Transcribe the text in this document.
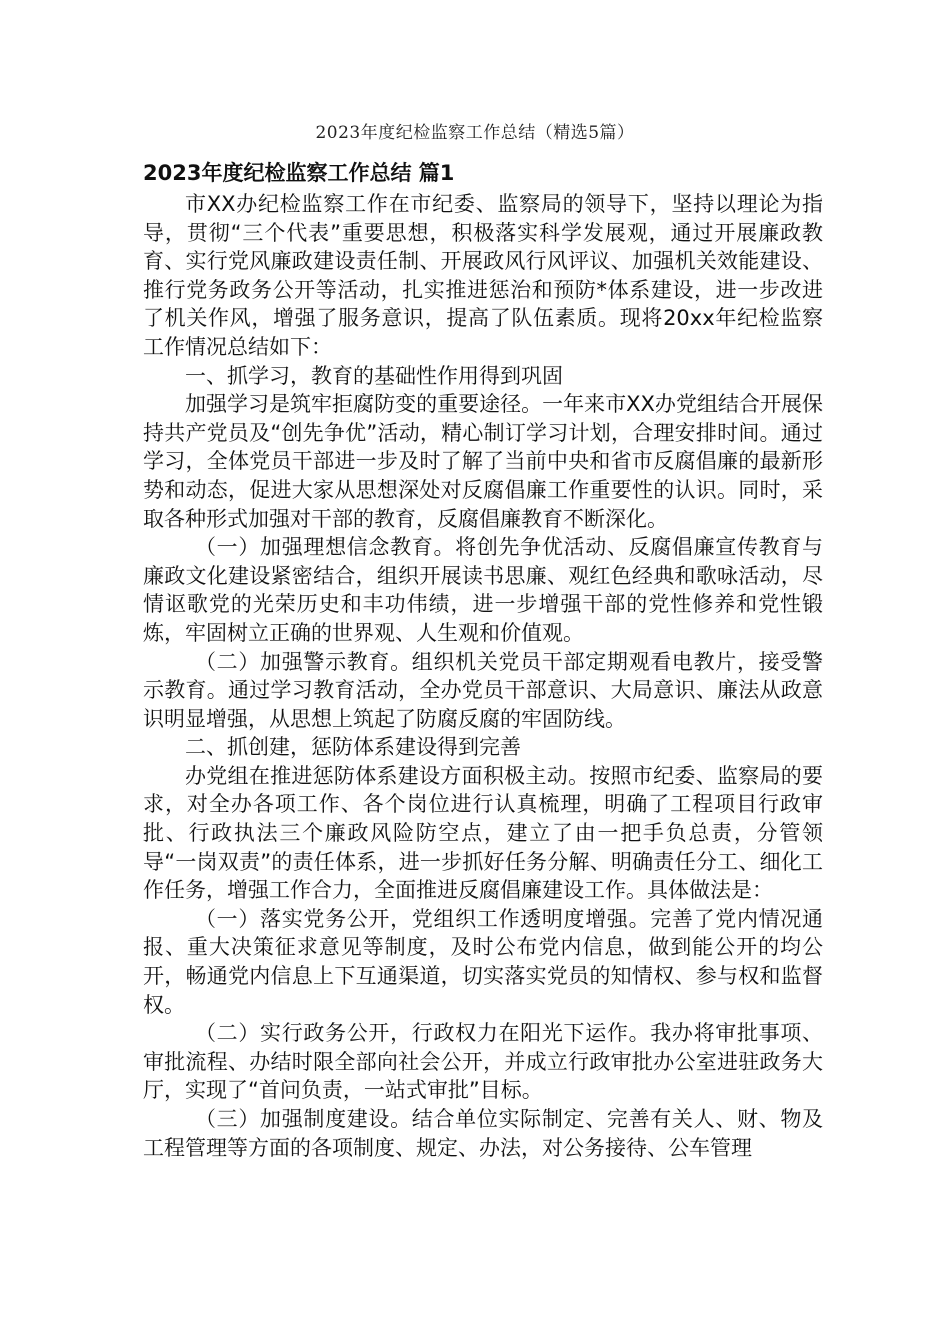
2023年度纪检监察工作总结（精选5篇）

2023年度纪检监察工作总结 篇1

市XX办纪检监察工作在市纪委、监察局的领导下，坚持以理论为指导，贯彻“三个代表”重要思想，积极落实科学发展观，通过开展廉政教育、实行党风廉政建设责任制、开展政风行风评议、加强机关效能建设、推行党务政务公开等活动，扎实推进惩治和预防*体系建设，进一步改进了机关作风，增强了服务意识，提高了队伍素质。现将20xx年纪检监察工作情况总结如下：

一、抓学习，教育的基础性作用得到巩固

加强学习是筑牢拒腐防变的重要途径。一年来市XX办党组结合开展保持共产党员及“创先争优”活动，精心制订学习计划，合理安排时间。通过学习，全体党员干部进一步及时了解了当前中央和省市反腐倡廉的最新形势和动态，促进大家从思想深处对反腐倡廉工作重要性的认识。同时，采取各种形式加强对干部的教育，反腐倡廉教育不断深化。

（一）加强理想信念教育。将创先争优活动、反腐倡廉宣传教育与廉政文化建设紧密结合，组织开展读书思廉、观红色经典和歌咏活动，尽情讴歌党的光荣历史和丰功伟绩，进一步增强干部的党性修养和党性锻炼，牢固树立正确的世界观、人生观和价值观。

（二）加强警示教育。组织机关党员干部定期观看电教片，接受警示教育。通过学习教育活动，全办党员干部意识、大局意识、廉法从政意识明显增强，从思想上筑起了防腐反腐的牢固防线。

二、抓创建，惩防体系建设得到完善

办党组在推进惩防体系建设方面积极主动。按照市纪委、监察局的要求，对全办各项工作、各个岗位进行认真梳理，明确了工程项目行政审批、行政执法三个廉政风险防空点，建立了由一把手负总责，分管领导“一岗双责”的责任体系，进一步抓好任务分解、明确责任分工、细化工作任务，增强工作合力，全面推进反腐倡廉建设工作。具体做法是：

（一）落实党务公开，党组织工作透明度增强。完善了党内情况通报、重大决策征求意见等制度，及时公布党内信息，做到能公开的均公开，畅通党内信息上下互通渠道，切实落实党员的知情权、参与权和监督权。

（二）实行政务公开，行政权力在阳光下运作。我办将审批事项、审批流程、办结时限全部向社会公开，并成立行政审批办公室进驻政务大厅，实现了“首问负责，一站式审批”目标。

（三）加强制度建设。结合单位实际制定、完善有关人、财、物及工程管理等方面的各项制度、规定、办法，对公务接待、公车管理
